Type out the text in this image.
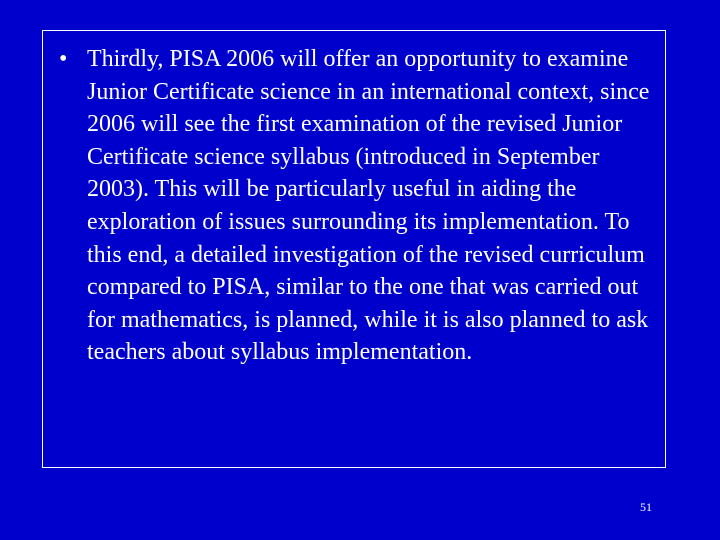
• Thirdly, PISA 2006 will offer an opportunity to examine Junior Certificate science in an international context, since 2006 will see the first examination of the revised Junior Certificate science syllabus (introduced in September 2003). This will be particularly useful in aiding the exploration of issues surrounding its implementation. To this end, a detailed investigation of the revised curriculum compared to PISA, similar to the one that was carried out for mathematics, is planned, while it is also planned to ask teachers about syllabus implementation.

51
